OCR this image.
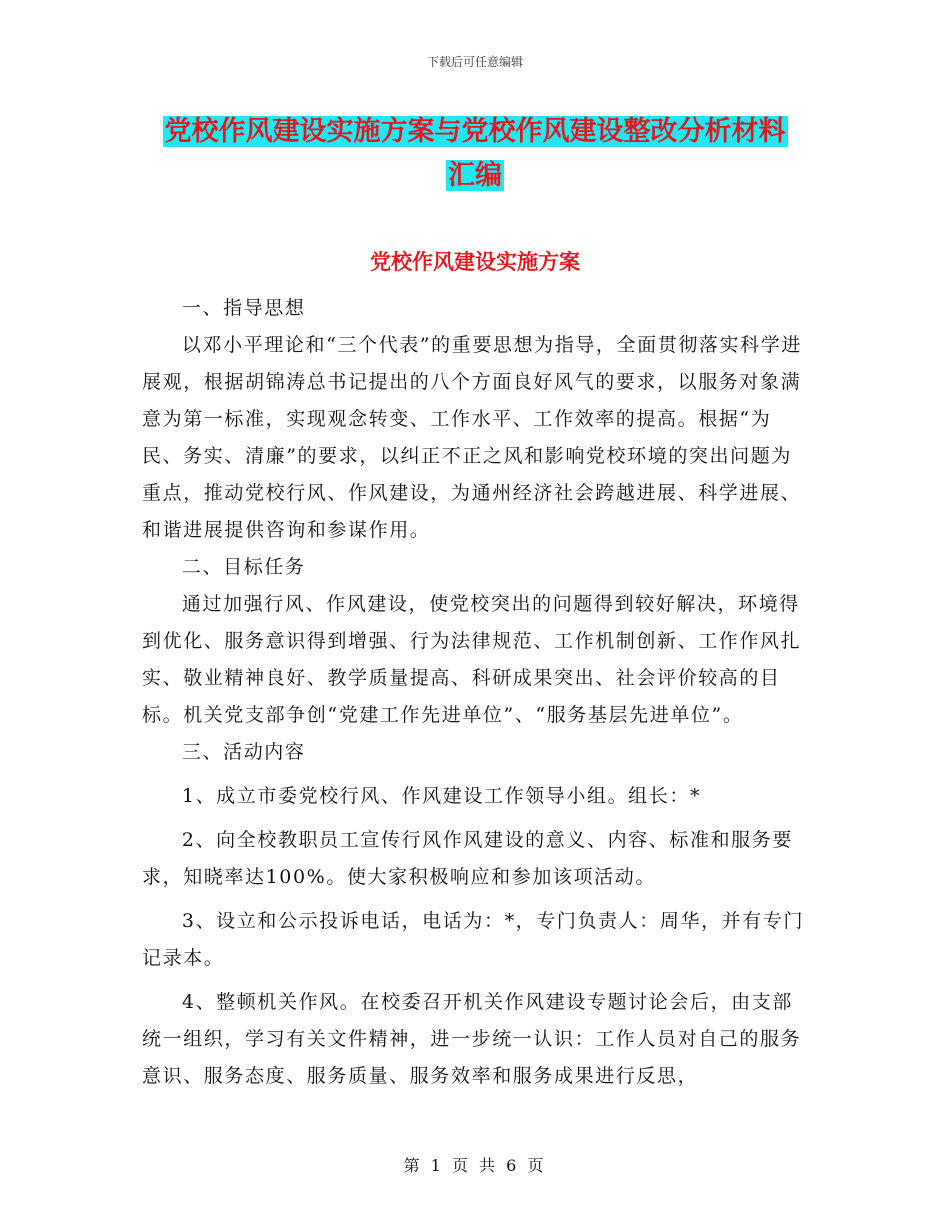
下载后可任意编辑
党校作风建设实施方案与党校作风建设整改分析材料
汇编
党校作风建设实施方案

一、指导思想

以邓小平理论和“三个代表”的重要思想为指导，全面贯彻落实科学进展观，根据胡锦涛总书记提出的八个方面良好风气的要求，以服务对象满意为第一标准，实现观念转变、工作水平、工作效率的提高。根据“为民、务实、清廉”的要求，以纠正不正之风和影响党校环境的突出问题为重点，推动党校行风、作风建设，为通州经济社会跨越进展、科学进展、和谐进展提供咨询和参谋作用。

二、目标任务

通过加强行风、作风建设，使党校突出的问题得到较好解决，环境得到优化、服务意识得到增强、行为法律规范、工作机制创新、工作作风扎实、敬业精神良好、教学质量提高、科研成果突出、社会评价较高的目标。机关党支部争创“党建工作先进单位”、“服务基层先进单位”。

三、活动内容

1、成立市委党校行风、作风建设工作领导小组。组长：*

2、向全校教职员工宣传行风作风建设的意义、内容、标准和服务要求，知晓率达100%。使大家积极响应和参加该项活动。

3、设立和公示投诉电话，电话为：*，专门负责人：周华，并有专门记录本。

4、整顿机关作风。在校委召开机关作风建设专题讨论会后，由支部统一组织，学习有关文件精神，进一步统一认识：工作人员对自己的服务意识、服务态度、服务质量、服务效率和服务成果进行反思，

第 1 页 共 6 页
